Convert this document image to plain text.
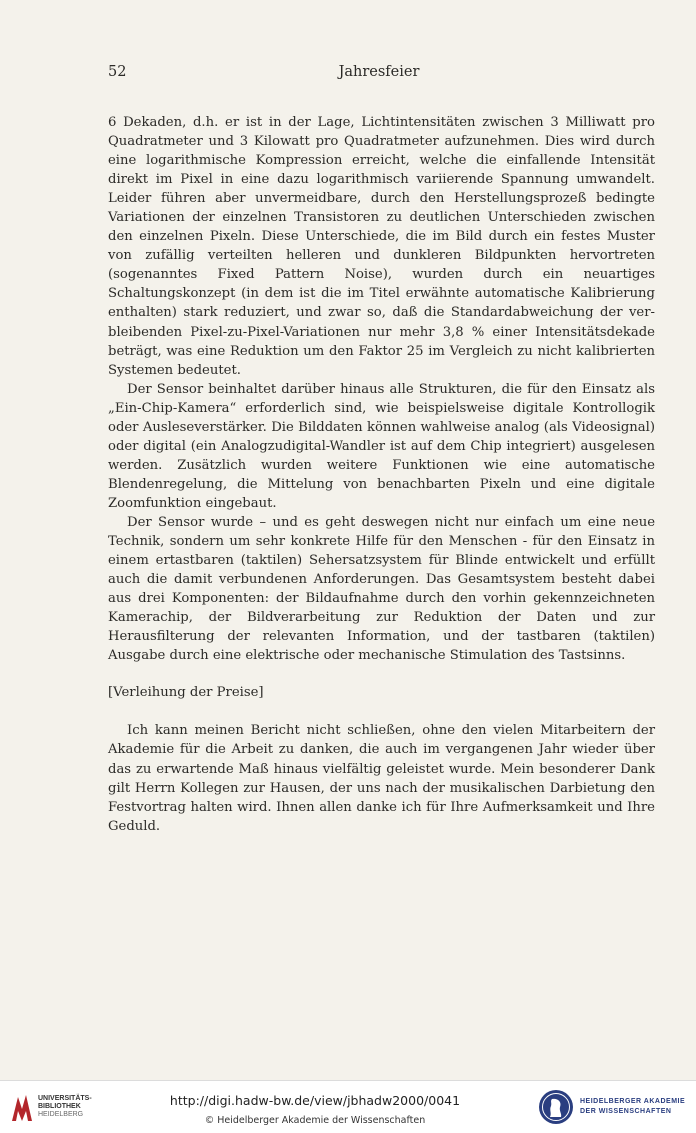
52	Jahresfeier

6 Dekaden, d.h. er ist in der Lage, Lichtintensitäten zwischen 3 Milliwatt pro Quadratmeter und 3 Kilowatt pro Quadratmeter aufzunehmen. Dies wird durch eine logarithmische Kompression erreicht, welche die einfallende Intensität direkt im Pixel in eine dazu logarithmisch variierende Spannung umwandelt. Leider führen aber unvermeidbare, durch den Herstellungsprozeß bedingte Variationen der einzelnen Transistoren zu deutlichen Unterschieden zwischen den einzelnen Pixeln. Diese Unterschiede, die im Bild durch ein festes Muster von zufällig verteilten helleren und dunkleren Bildpunkten hervortreten (sogenanntes Fixed Pattern Noise), wurden durch ein neuartiges Schaltungskonzept (in dem ist die im Titel erwähnte automatische Kalibrierung enthalten) stark reduziert, und zwar so, daß die Standardabweichung der verbleibenden Pixel-zu-Pixel-Variationen nur mehr 3,8 % einer Intensitätsdekade beträgt, was eine Reduktion um den Faktor 25 im Vergleich zu nicht kalibrierten Systemen bedeutet.

Der Sensor beinhaltet darüber hinaus alle Strukturen, die für den Einsatz als „Ein-Chip-Kamera“ erforderlich sind, wie beispielsweise digitale Kontrollogik oder Ausleseverstärker. Die Bilddaten können wahlweise analog (als Videosignal) oder digital (ein Analogzudigital-Wandler ist auf dem Chip integriert) ausgelesen werden. Zusätzlich wurden weitere Funktionen wie eine automatische Blendenregelung, die Mittelung von benachbarten Pixeln und eine digitale Zoomfunktion eingebaut.

Der Sensor wurde – und es geht deswegen nicht nur einfach um eine neue Technik, sondern um sehr konkrete Hilfe für den Menschen - für den Einsatz in einem ertastbaren (taktilen) Sehersatzsystem für Blinde entwickelt und erfüllt auch die damit verbundenen Anforderungen. Das Gesamtsystem besteht dabei aus drei Komponenten: der Bildaufnahme durch den vorhin gekennzeichneten Kamerachip, der Bildverarbeitung zur Reduktion der Daten und zur Herausfilterung der relevanten Information, und der tastbaren (taktilen) Ausgabe durch eine elektrische oder mechanische Stimulation des Tastsinns.

[Verleihung der Preise]

Ich kann meinen Bericht nicht schließen, ohne den vielen Mitarbeitern der Akademie für die Arbeit zu danken, die auch im vergangenen Jahr wieder über das zu erwartende Maß hinaus vielfältig geleistet wurde. Mein besonderer Dank gilt Herrn Kollegen zur Hausen, der uns nach der musikalischen Darbietung den Festvortrag halten wird. Ihnen allen danke ich für Ihre Aufmerksamkeit und Ihre Geduld.

UNIVERSITÄTS-
BIBLIOTHEK
HEIDELBERG
http://digi.hadw-bw.de/view/jbhadw2000/0041
© Heidelberger Akademie der Wissenschaften
HEIDELBERGER AKADEMIE
DER WISSENSCHAFTEN
